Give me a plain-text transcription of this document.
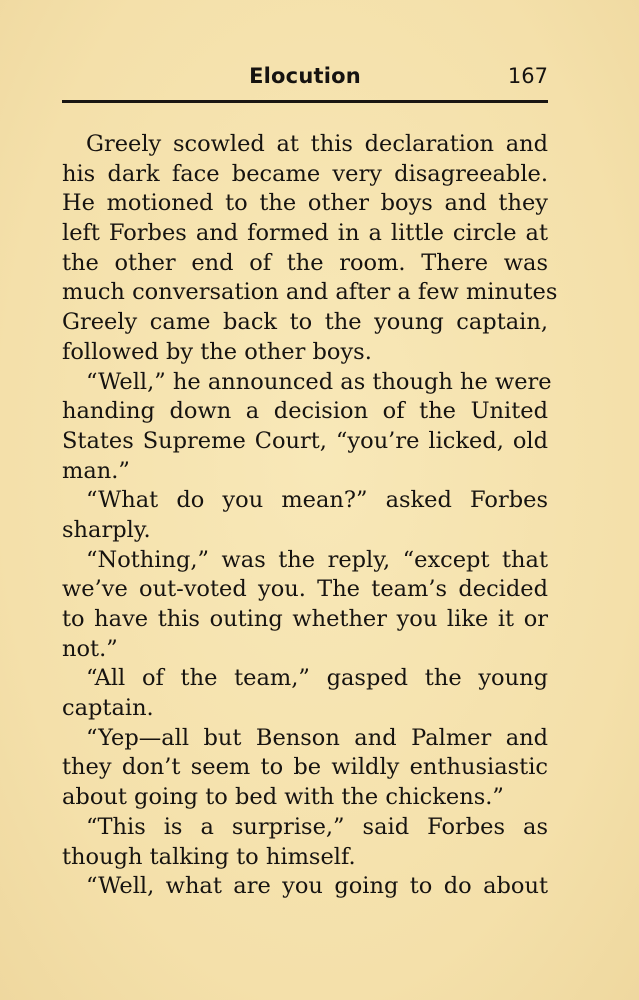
Elocution	167
Greely scowled at this declaration and
his dark face became very disagreeable.
He motioned to the other boys and they
left Forbes and formed in a little circle at
the other end of the room. There was
much conversation and after a few minutes
Greely came back to the young captain,
followed by the other boys.
“Well,” he announced as though he were
handing down a decision of the United
States Supreme Court, “you’re licked, old
man.”
“What do you mean?” asked Forbes
sharply.
“Nothing,” was the reply, “except that
we’ve out-voted you. The team’s decided
to have this outing whether you like it or
not.”
“All of the team,” gasped the young
captain.
“Yep—all but Benson and Palmer and
they don’t seem to be wildly enthusiastic
about going to bed with the chickens.”
“This is a surprise,” said Forbes as
though talking to himself.
“Well, what are you going to do about
